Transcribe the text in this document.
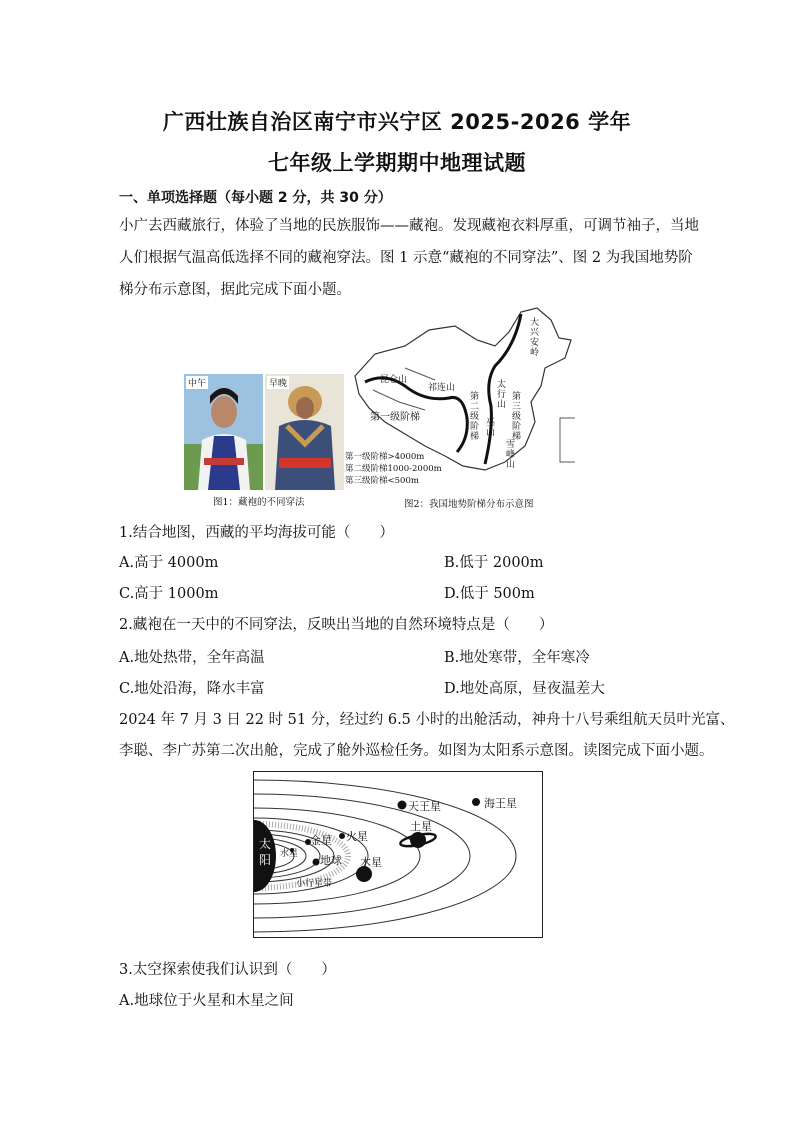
广西壮族自治区南宁市兴宁区 2025-2026 学年
七年级上学期期中地理试题
一、单项选择题（每小题 2 分，共 30 分）
小广去西藏旅行，体验了当地的民族服饰——藏袍。发现藏袍衣料厚重，可调节袖子，当地
人们根据气温高低选择不同的藏袍穿法。图 1 示意“藏袍的不同穿法”、图 2 为我国地势阶
梯分布示意图，据此完成下面小题。
中午	早晚
图1：藏袍的不同穿法
昆仑山
祁连山
第一级阶梯
第二级阶梯
第三级阶梯
大兴安岭
太行山
巫山
雪峰山
第一级阶梯>4000m
第二级阶梯1000-2000m
第三级阶梯<500m
图2：我国地势阶梯分布示意图
1.结合地图，西藏的平均海拔可能（　　）
A.高于 4000m	B.低于 2000m
C.高于 1000m	D.低于 500m
2.藏袍在一天中的不同穿法，反映出当地的自然环境特点是（　　）
A.地处热带，全年高温	B.地处寒带，全年寒冷
C.地处沿海，降水丰富	D.地处高原，昼夜温差大
2024 年 7 月 3 日 22 时 51 分，经过约 6.5 小时的出舱活动，神舟十八号乘组航天员叶光富、
李聪、李广苏第二次出舱，完成了舱外巡检任务。如图为太阳系示意图。读图完成下面小题。
太阳 水星
金星
地球
火星
木星
土星
天王星	海王星
小行星带
3.太空探索使我们认识到（　　）
A.地球位于火星和木星之间
